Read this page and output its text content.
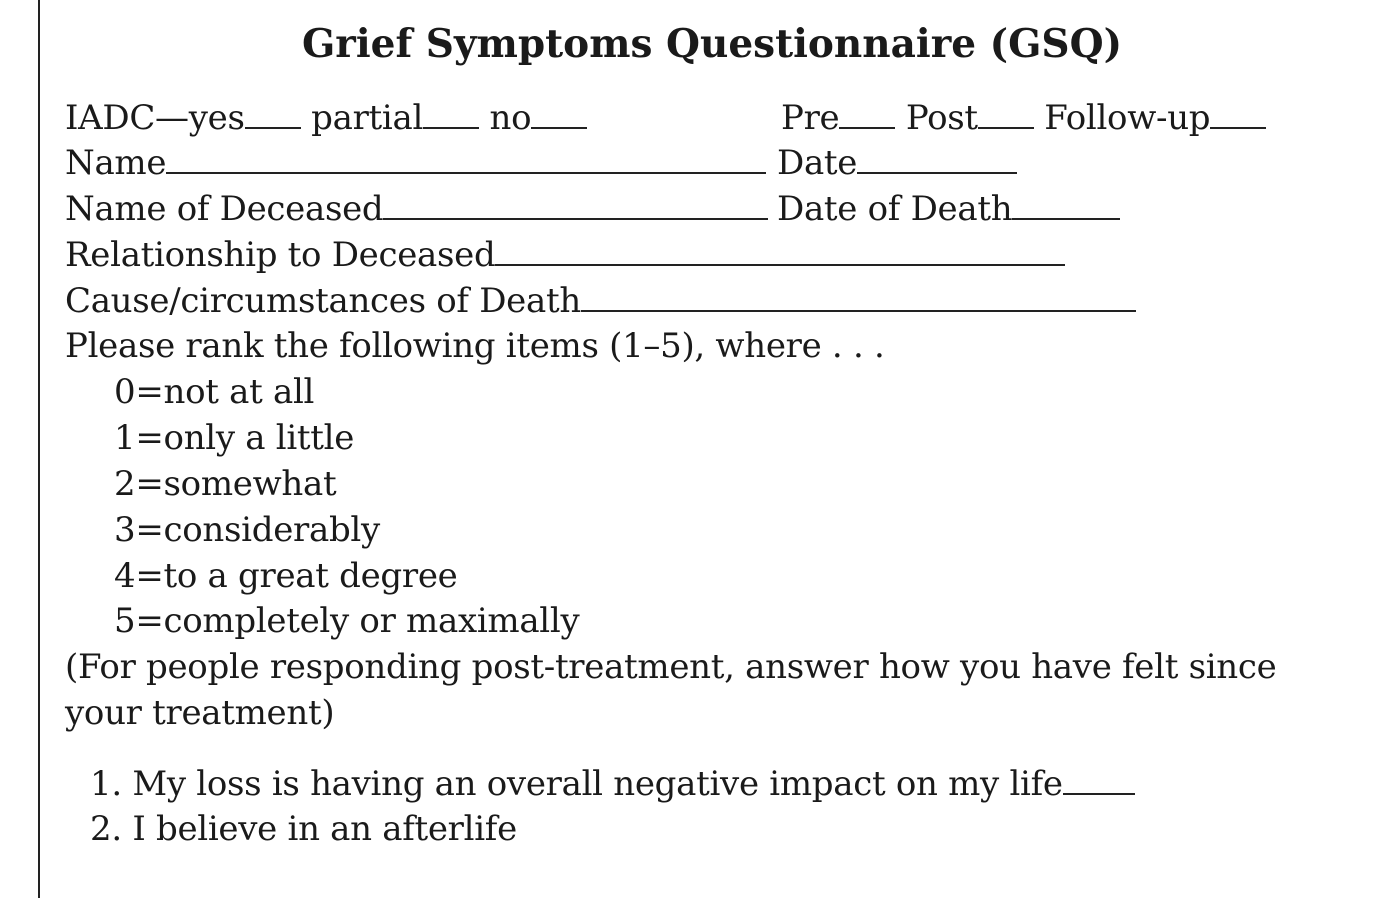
Grief Symptoms Questionnaire (GSQ)
IADC—yes partial no	Pre Post Follow-up
Name	Date
Name of Deceased	Date of Death
Relationship to Deceased
Cause/circumstances of Death
Please rank the following items (1–5), where . . .
0=not at all
1=only a little
2=somewhat
3=considerably
4=to a great degree
5=completely or maximally
(For people responding post-treatment, answer how you have felt since
your treatment)
1. My loss is having an overall negative impact on my life
2. I believe in an afterlife
